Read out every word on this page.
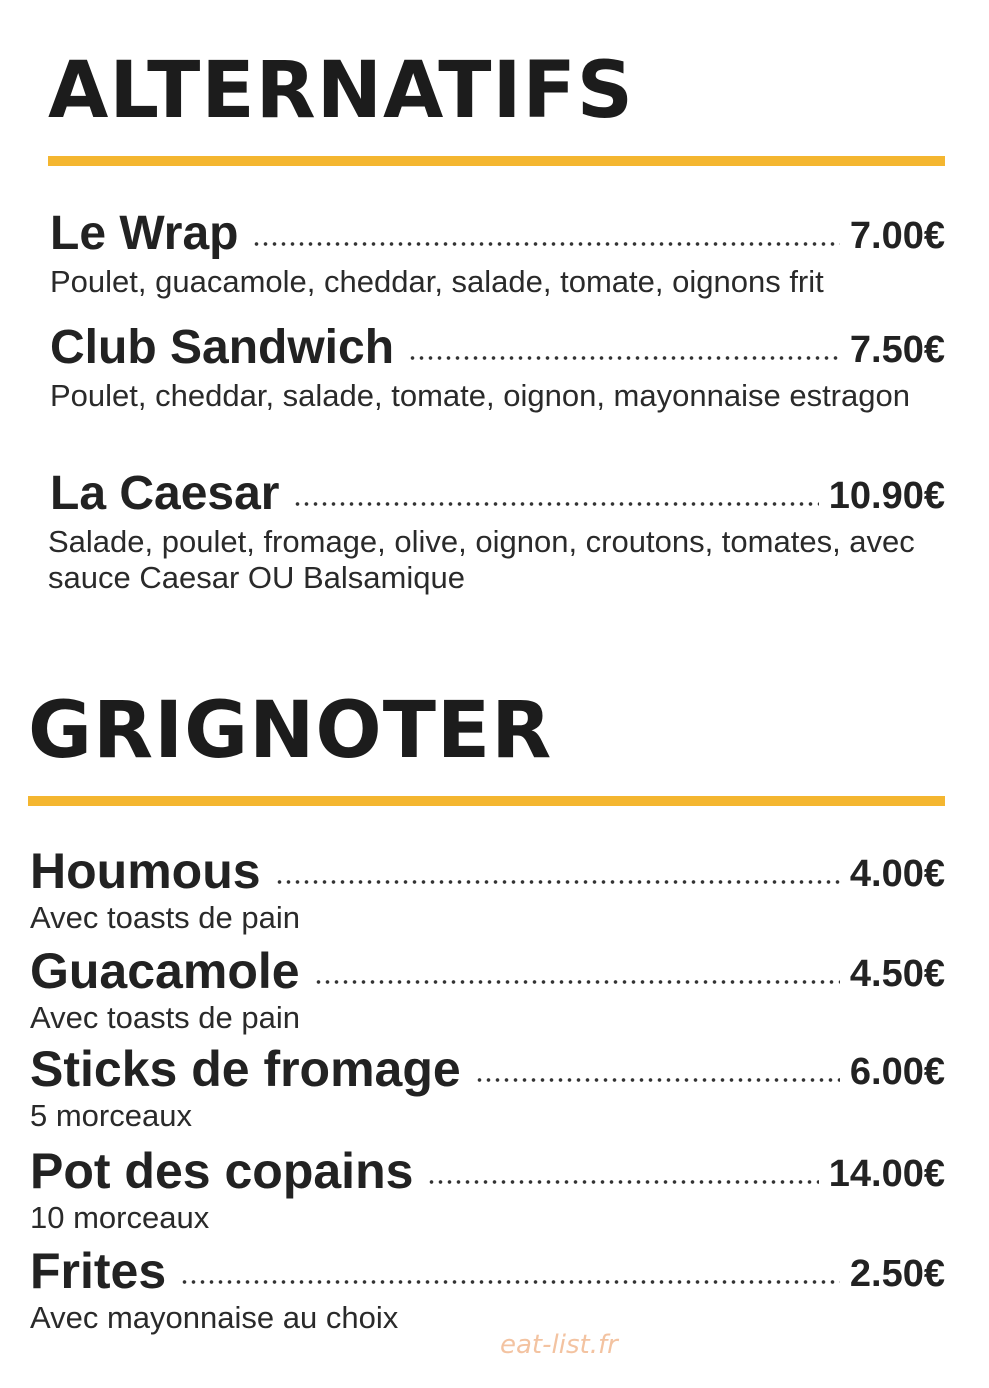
ALTERNATIFS
Le Wrap	7.00€
Poulet, guacamole, cheddar, salade, tomate, oignons frit
Club Sandwich	7.50€
Poulet, cheddar, salade, tomate, oignon, mayonnaise estragon
La Caesar	10.90€
Salade, poulet, fromage, olive, oignon, croutons, tomates, avec sauce Caesar OU Balsamique
GRIGNOTER
Houmous	4.00€
Avec toasts de pain
Guacamole	4.50€
Avec toasts de pain
Sticks de fromage	6.00€
5 morceaux
Pot des copains	14.00€
10 morceaux
Frites	2.50€
Avec mayonnaise au choix
eat-list.fr
